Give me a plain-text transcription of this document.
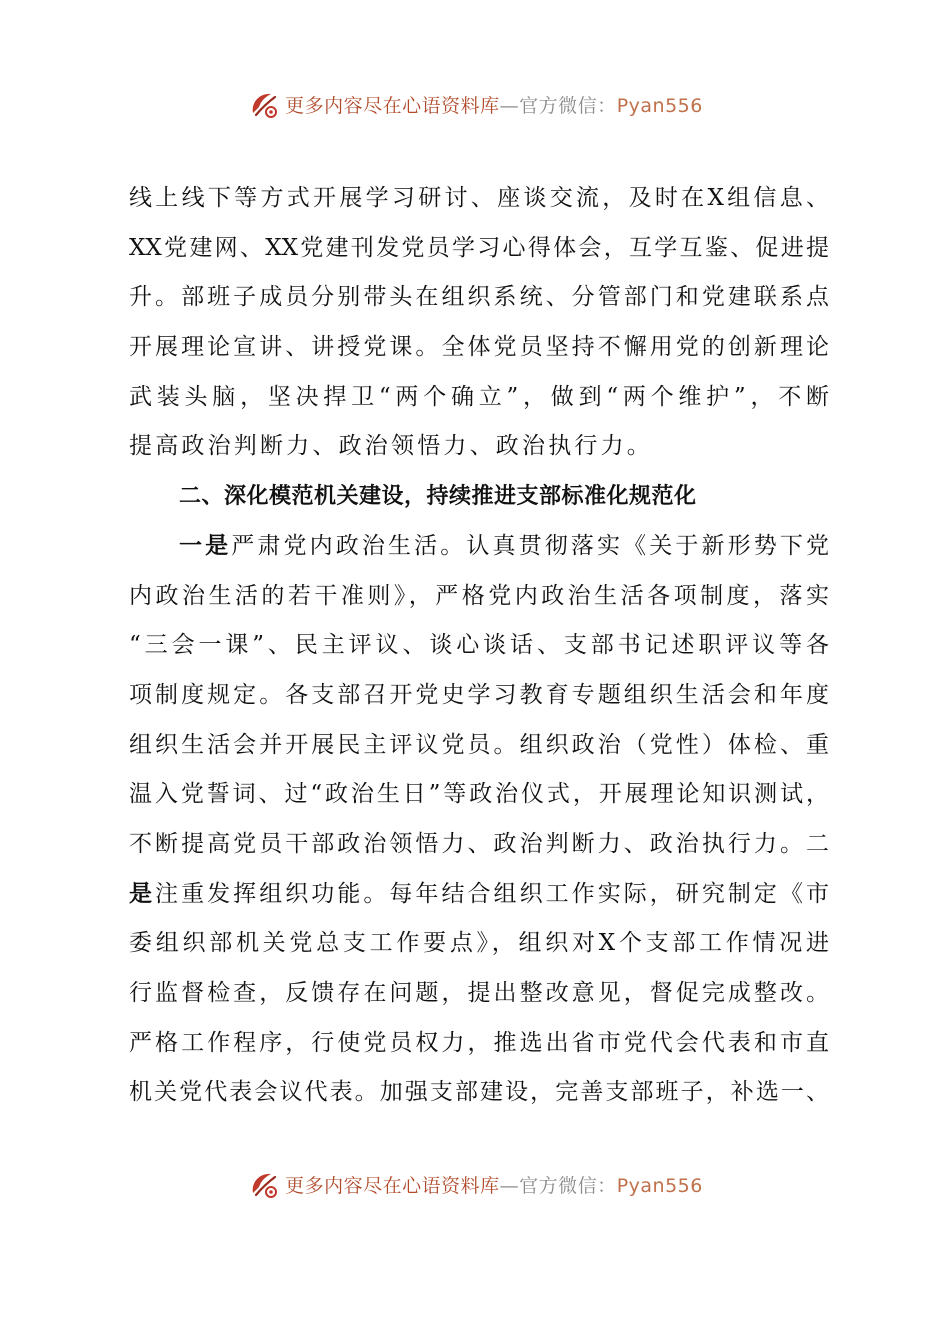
更多内容尽在心语资料库—官方微信：Pyan556
线上线下等方式开展学习研讨、座谈交流，及时在X组信息、
XX党建网、XX党建刊发党员学习心得体会，互学互鉴、促进提
升。部班子成员分别带头在组织系统、分管部门和党建联系点
开展理论宣讲、讲授党课。全体党员坚持不懈用党的创新理论
武装头脑，坚决捍卫“两个确立”，做到“两个维护”，不断
提高政治判断力、政治领悟力、政治执行力。
二、深化模范机关建设，持续推进支部标准化规范化
一是严肃党内政治生活。认真贯彻落实《关于新形势下党
内政治生活的若干准则》，严格党内政治生活各项制度，落实
“三会一课”、民主评议、谈心谈话、支部书记述职评议等各
项制度规定。各支部召开党史学习教育专题组织生活会和年度
组织生活会并开展民主评议党员。组织政治（党性）体检、重
温入党誓词、过“政治生日”等政治仪式，开展理论知识测试，
不断提高党员干部政治领悟力、政治判断力、政治执行力。二
是注重发挥组织功能。每年结合组织工作实际，研究制定《市
委组织部机关党总支工作要点》，组织对X个支部工作情况进
行监督检查，反馈存在问题，提出整改意见，督促完成整改。
严格工作程序，行使党员权力，推选出省市党代会代表和市直
机关党代表会议代表。加强支部建设，完善支部班子，补选一、
更多内容尽在心语资料库—官方微信：Pyan556
